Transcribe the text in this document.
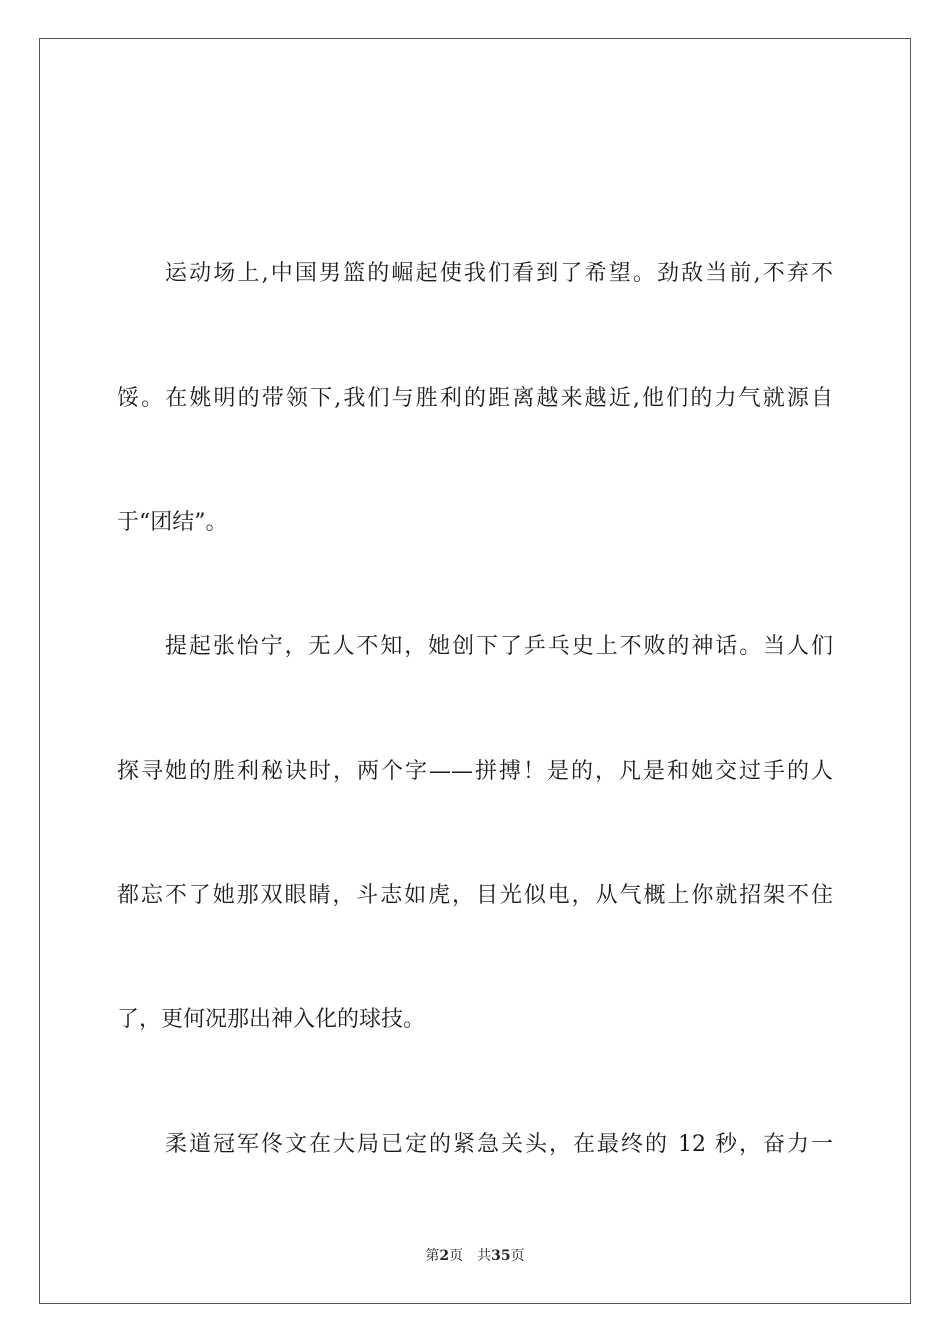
运动场上,中国男篮的崛起使我们看到了希望。劲敌当前,不弃不
馁。在姚明的带领下,我们与胜利的距离越来越近,他们的力气就源自
于“团结”。
提起张怡宁，无人不知，她创下了乒乓史上不败的神话。当人们
探寻她的胜利秘诀时，两个字——拼搏！是的，凡是和她交过手的人
都忘不了她那双眼睛，斗志如虎，目光似电，从气概上你就招架不住
了，更何况那出神入化的球技。
柔道冠军佟文在大局已定的紧急关头，在最终的 12 秒，奋力一
第2页 共35页
